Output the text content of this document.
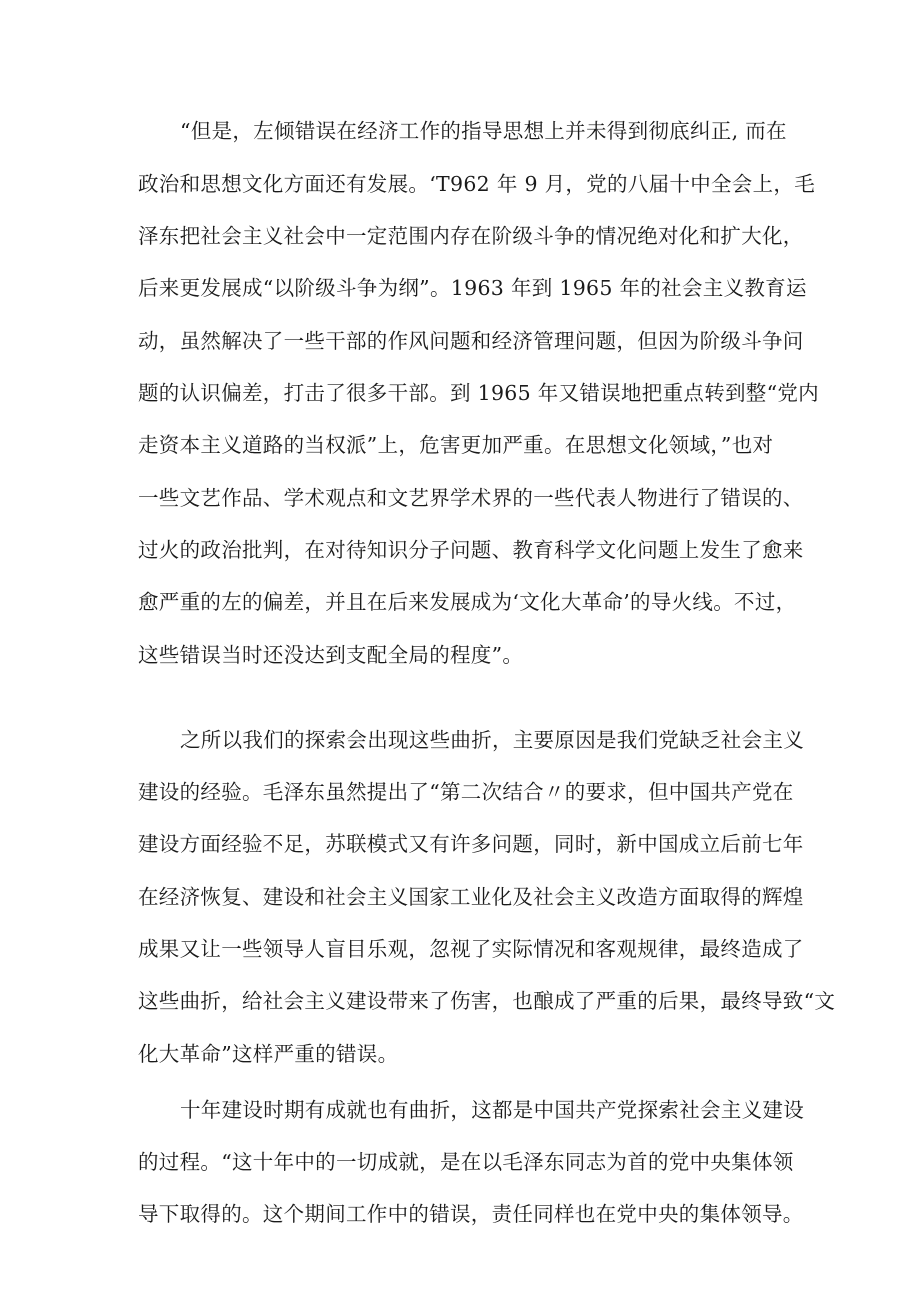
“但是，左倾错误在经济工作的指导思想上并未得到彻底纠正, 而在
政治和思想文化方面还有发展。‘T962 年 9 月，党的八届十中全会上，毛
泽东把社会主义社会中一定范围内存在阶级斗争的情况绝对化和扩大化，
后来更发展成“以阶级斗争为纲”。1963 年到 1965 年的社会主义教育运
动，虽然解决了一些干部的作风问题和经济管理问题，但因为阶级斗争问
题的认识偏差，打击了很多干部。到 1965 年又错误地把重点转到整“党内
走资本主义道路的当权派”上，危害更加严重。在思想文化领域，”也对
一些文艺作品、学术观点和文艺界学术界的一些代表人物进行了错误的、
过火的政治批判，在对待知识分子问题、教育科学文化问题上发生了愈来
愈严重的左的偏差，并且在后来发展成为‘文化大革命’的导火线。不过，
这些错误当时还没达到支配全局的程度”。
之所以我们的探索会出现这些曲折，主要原因是我们党缺乏社会主义
建设的经验。毛泽东虽然提出了“第二次结合〃的要求，但中国共产党在
建设方面经验不足，苏联模式又有许多问题，同时，新中国成立后前七年
在经济恢复、建设和社会主义国家工业化及社会主义改造方面取得的辉煌
成果又让一些领导人盲目乐观，忽视了实际情况和客观规律，最终造成了
这些曲折，给社会主义建设带来了伤害，也酿成了严重的后果，最终导致“文
化大革命”这样严重的错误。
十年建设时期有成就也有曲折，这都是中国共产党探索社会主义建设
的过程。“这十年中的一切成就，是在以毛泽东同志为首的党中央集体领
导下取得的。这个期间工作中的错误，责任同样也在党中央的集体领导。
